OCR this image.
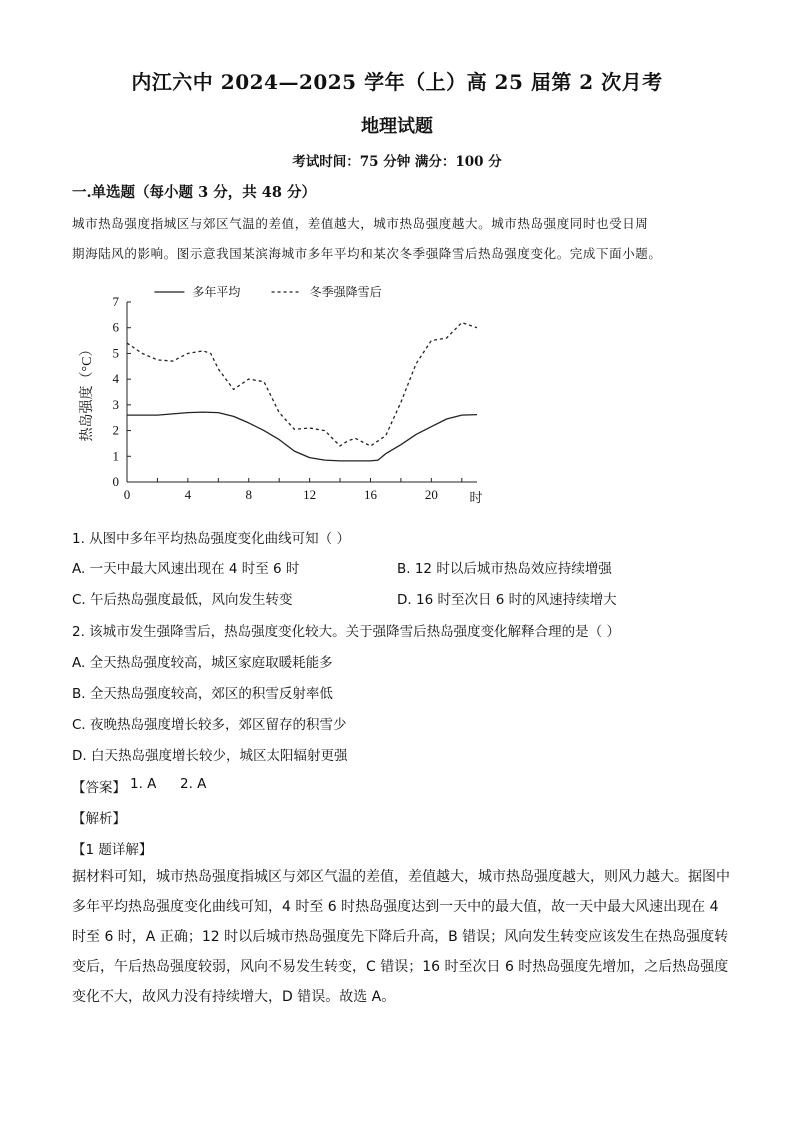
内江六中 2024—2025 学年（上）高 25 届第 2 次月考
地理试题
考试时间：75 分钟 满分：100 分
一.单选题（每小题 3 分，共 48 分）
城市热岛强度指城区与郊区气温的差值，差值越大，城市热岛强度越大。城市热岛强度同时也受日周
期海陆风的影响。图示意我国某滨海城市多年平均和某次冬季强降雪后热岛强度变化。完成下面小题。
0
1
2
3
4
5
6
7
0	4	8	12	16	20 时
热岛强度（°C）
多年平均	冬季强降雪后
1. 从图中多年平均热岛强度变化曲线可知（ ）
A. 一天中最大风速出现在 4 时至 6 时	B. 12 时以后城市热岛效应持续增强
C. 午后热岛强度最低，风向发生转变	D. 16 时至次日 6 时的风速持续增大
2. 该城市发生强降雪后，热岛强度变化较大。关于强降雪后热岛强度变化解释合理的是（ ）
A. 全天热岛强度较高，城区家庭取暖耗能多
B. 全天热岛强度较高，郊区的积雪反射率低
C. 夜晚热岛强度增长较多，郊区留存的积雪少
D. 白天热岛强度增长较少，城区太阳辐射更强
【答案】 1. A 2. A
【解析】
【1 题详解】
据材料可知，城市热岛强度指城区与郊区气温的差值，差值越大，城市热岛强度越大，则风力越大。据图中多年平均热岛强度变化曲线可知，4 时至 6 时热岛强度达到一天中的最大值，故一天中最大风速出现在 4 时至 6 时，A 正确；12 时以后城市热岛强度先下降后升高，B 错误；风向发生转变应该发生在热岛强度转变后，午后热岛强度较弱，风向不易发生转变，C 错误；16 时至次日 6 时热岛强度先增加，之后热岛强度变化不大，故风力没有持续增大，D 错误。故选 A。
